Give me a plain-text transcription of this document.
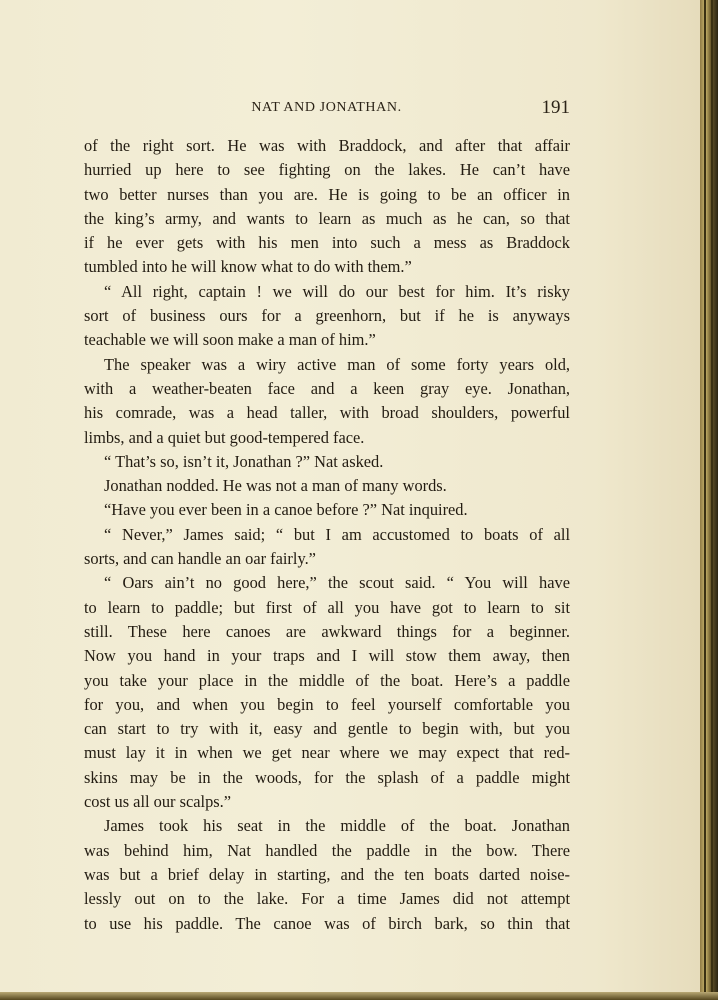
NAT AND JONATHAN.	191
of the right sort. He was with Braddock, and after that affair
hurried up here to see fighting on the lakes. He can’t have
two better nurses than you are. He is going to be an officer in
the king’s army, and wants to learn as much as he can, so that
if he ever gets with his men into such a mess as Braddock
tumbled into he will know what to do with them.”
“ All right, captain ! we will do our best for him. It’s risky
sort of business ours for a greenhorn, but if he is anyways
teachable we will soon make a man of him.”
The speaker was a wiry active man of some forty years old,
with a weather-beaten face and a keen gray eye. Jonathan,
his comrade, was a head taller, with broad shoulders, powerful
limbs, and a quiet but good-tempered face.
“ That’s so, isn’t it, Jonathan ?” Nat asked.
Jonathan nodded. He was not a man of many words.
“Have you ever been in a canoe before ?” Nat inquired.
“ Never,” James said; “ but I am accustomed to boats of all
sorts, and can handle an oar fairly.”
“ Oars ain’t no good here,” the scout said. “ You will have
to learn to paddle; but first of all you have got to learn to sit
still. These here canoes are awkward things for a beginner.
Now you hand in your traps and I will stow them away, then
you take your place in the middle of the boat. Here’s a paddle
for you, and when you begin to feel yourself comfortable you
can start to try with it, easy and gentle to begin with, but you
must lay it in when we get near where we may expect that red-
skins may be in the woods, for the splash of a paddle might
cost us all our scalps.”
James took his seat in the middle of the boat. Jonathan
was behind him, Nat handled the paddle in the bow. There
was but a brief delay in starting, and the ten boats darted noise-
lessly out on to the lake. For a time James did not attempt
to use his paddle. The canoe was of birch bark, so thin that
